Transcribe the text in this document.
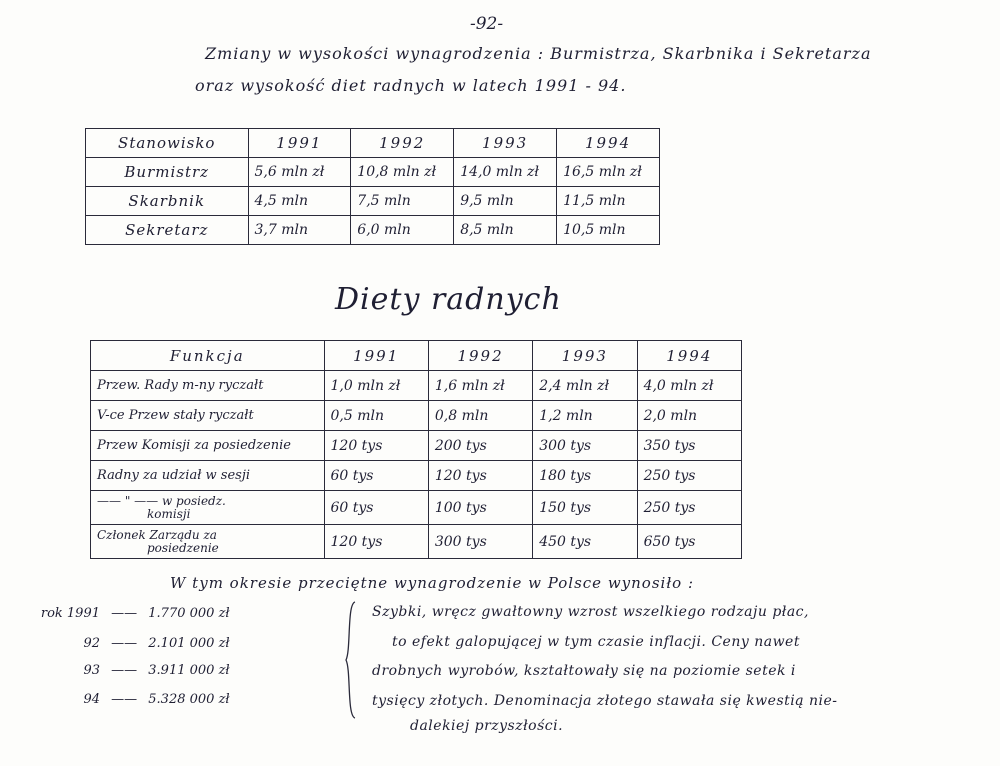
-92-
Zmiany w wysokości wynagrodzenia : Burmistrza, Skarbnika i Sekretarza
oraz wysokość diet radnych w latech 1991 - 94.
Stanowisko	1991	1992	1993	1994
Burmistrz	5,6 mln zł	10,8 mln zł	14,0 mln zł	16,5 mln zł
Skarbnik	4,5 mln	7,5 mln	9,5 mln	11,5 mln
Sekretarz	3,7 mln	6,0 mln	8,5 mln	10,5 mln
Diety radnych
Funkcja	1991	1992	1993	1994
Przew. Rady m-ny ryczałt	1,0 mln zł	1,6 mln zł	2,4 mln zł	4,0 mln zł
V-ce Przew stały ryczałt	0,5 mln	0,8 mln	1,2 mln	2,0 mln
Przew Komisji za posiedzenie	120 tys	200 tys	300 tys	350 tys
Radny za udział w sesji	60 tys	120 tys	180 tys	250 tys

—— " —— w posiedz.
komisji	60 tys	100 tys	150 tys	250 tys

Członek Zarządu za
posiedzenie	120 tys	300 tys	450 tys	650 tys
W tym okresie przeciętne wynagrodzenie w Polsce wynosiło :
rok 1991 —— 1.770 000 zł
92 —— 2.101 000 zł
93 —— 3.911 000 zł
94 —— 5.328 000 zł
Szybki, wręcz gwałtowny wzrost wszelkiego rodzaju płac,
to efekt galopującej w tym czasie inflacji. Ceny nawet
drobnych wyrobów, kształtowały się na poziomie setek i
tysięcy złotych. Denominacja złotego stawała się kwestią nie-
dalekiej przyszłości.
